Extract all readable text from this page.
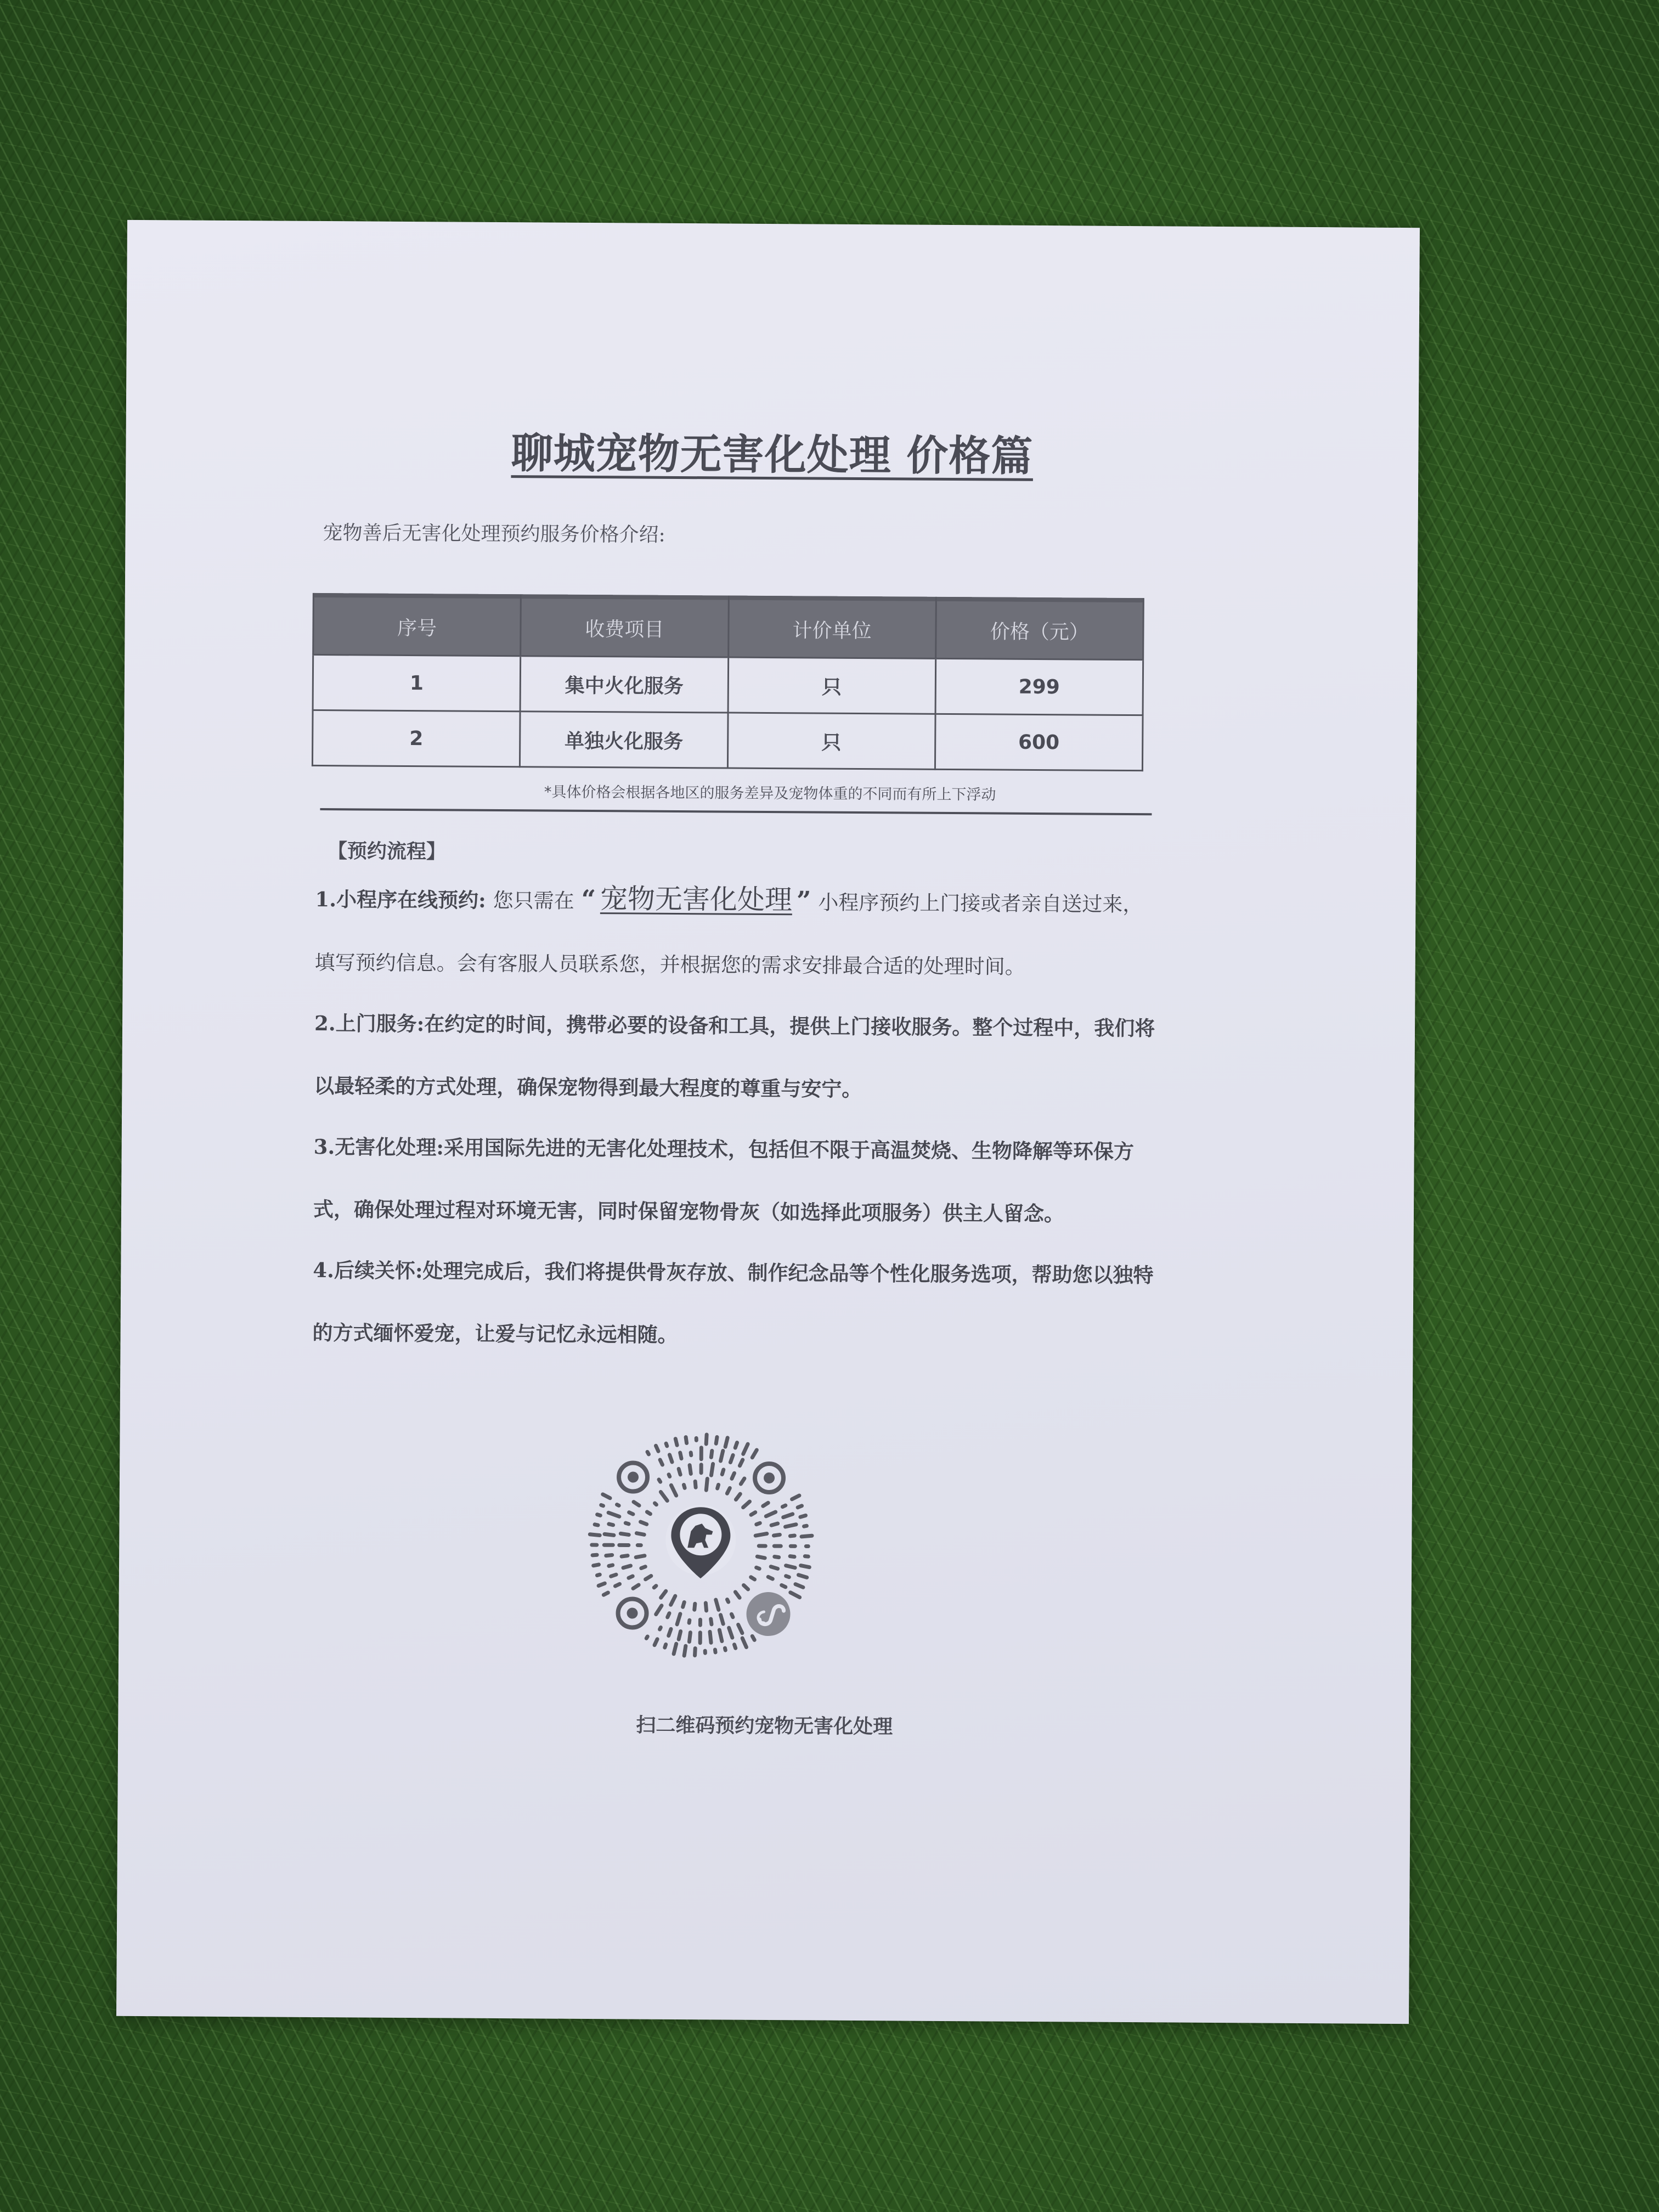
聊城宠物无害化处理 价格篇
宠物善后无害化处理预约服务价格介绍:
序号	收费项目	计价单位	价格（元）
1	集中火化服务	只	299
2	单独火化服务	只	600
*具体价格会根据各地区的服务差异及宠物体重的不同而有所上下浮动
【预约流程】
1.小程序在线预约: 您只需在 “ 宠物无害化处理 ” 小程序预约上门接或者亲自送过来，填写预约信息。会有客服人员联系您，并根据您的需求安排最合适的处理时间。
2.上门服务:在约定的时间，携带必要的设备和工具，提供上门接收服务。整个过程中，我们将以最轻柔的方式处理，确保宠物得到最大程度的尊重与安宁。
3.无害化处理:采用国际先进的无害化处理技术，包括但不限于高温焚烧、生物降解等环保方式，确保处理过程对环境无害，同时保留宠物骨灰（如选择此项服务）供主人留念。
4.后续关怀:处理完成后，我们将提供骨灰存放、制作纪念品等个性化服务选项，帮助您以独特的方式缅怀爱宠，让爱与记忆永远相随。
扫二维码预约宠物无害化处理
